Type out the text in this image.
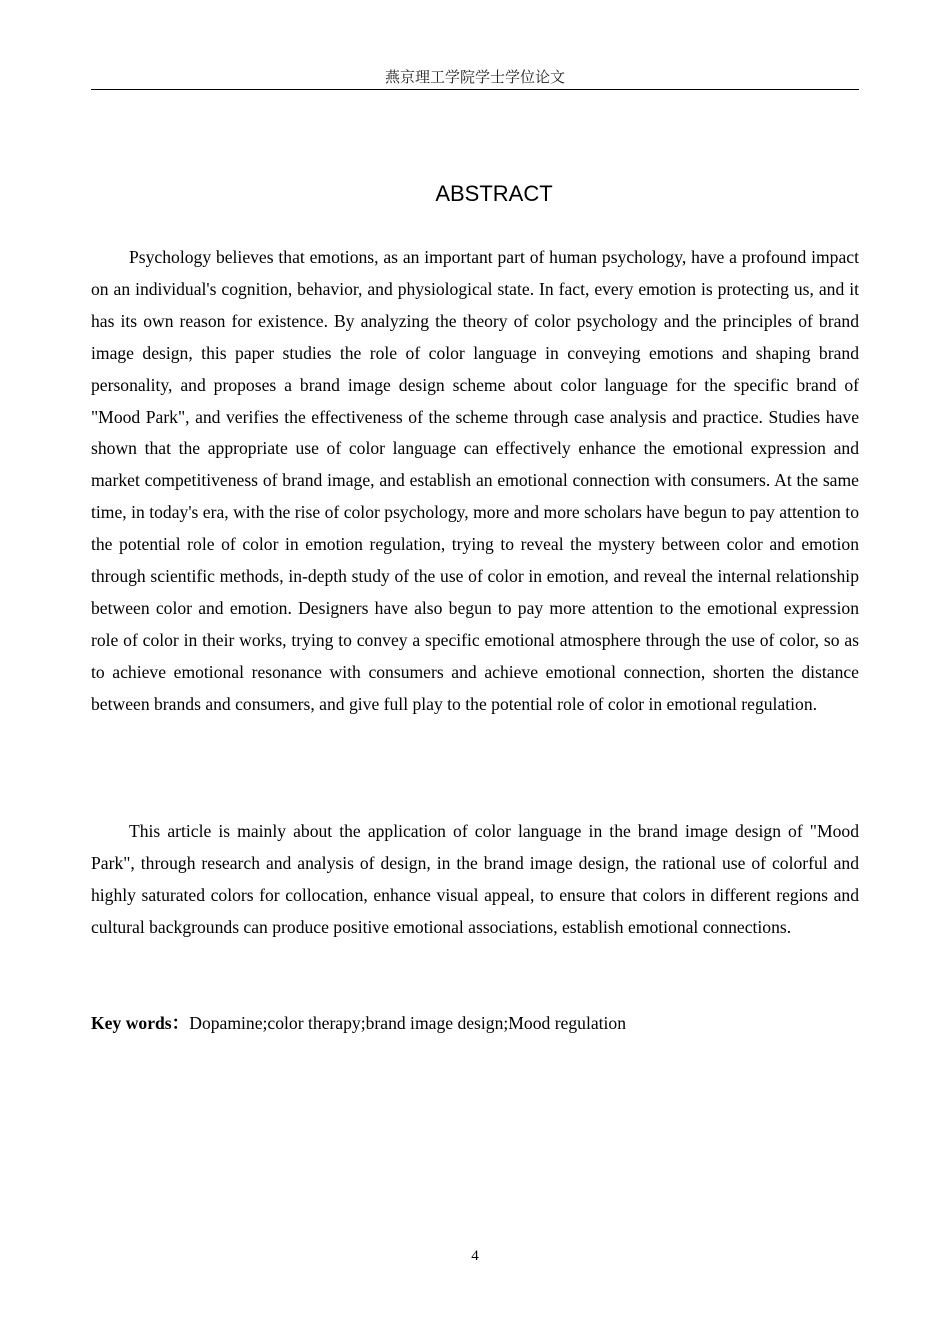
燕京理工学院学士学位论文
ABSTRACT

Psychology believes that emotions, as an important part of human psychology, have a profound impact on an individual's cognition, behavior, and physiological state. In fact, every emotion is protecting us, and it has its own reason for existence. By analyzing the theory of color psychology and the principles of brand image design, this paper studies the role of color language in conveying emotions and shaping brand personality, and proposes a brand image design scheme about color language for the specific brand of "Mood Park", and verifies the effectiveness of the scheme through case analysis and practice. Studies have shown that the appropriate use of color language can effectively enhance the emotional expression and market competitiveness of brand image, and establish an emotional connection with consumers. At the same time, in today's era, with the rise of color psychology, more and more scholars have begun to pay attention to the potential role of color in emotion regulation, trying to reveal the mystery between color and emotion through scientific methods, in-depth study of the use of color in emotion, and reveal the internal relationship between color and emotion. Designers have also begun to pay more attention to the emotional expression role of color in their works, trying to convey a specific emotional atmosphere through the use of color, so as to achieve emotional resonance with consumers and achieve emotional connection, shorten the distance between brands and consumers, and give full play to the potential role of color in emotional regulation.

This article is mainly about the application of color language in the brand image design of "Mood Park", through research and analysis of design, in the brand image design, the rational use of colorful and highly saturated colors for collocation, enhance visual appeal, to ensure that colors in different regions and cultural backgrounds can produce positive emotional associations, establish emotional connections.

Key words：Dopamine;color therapy;brand image design;Mood regulation

4
